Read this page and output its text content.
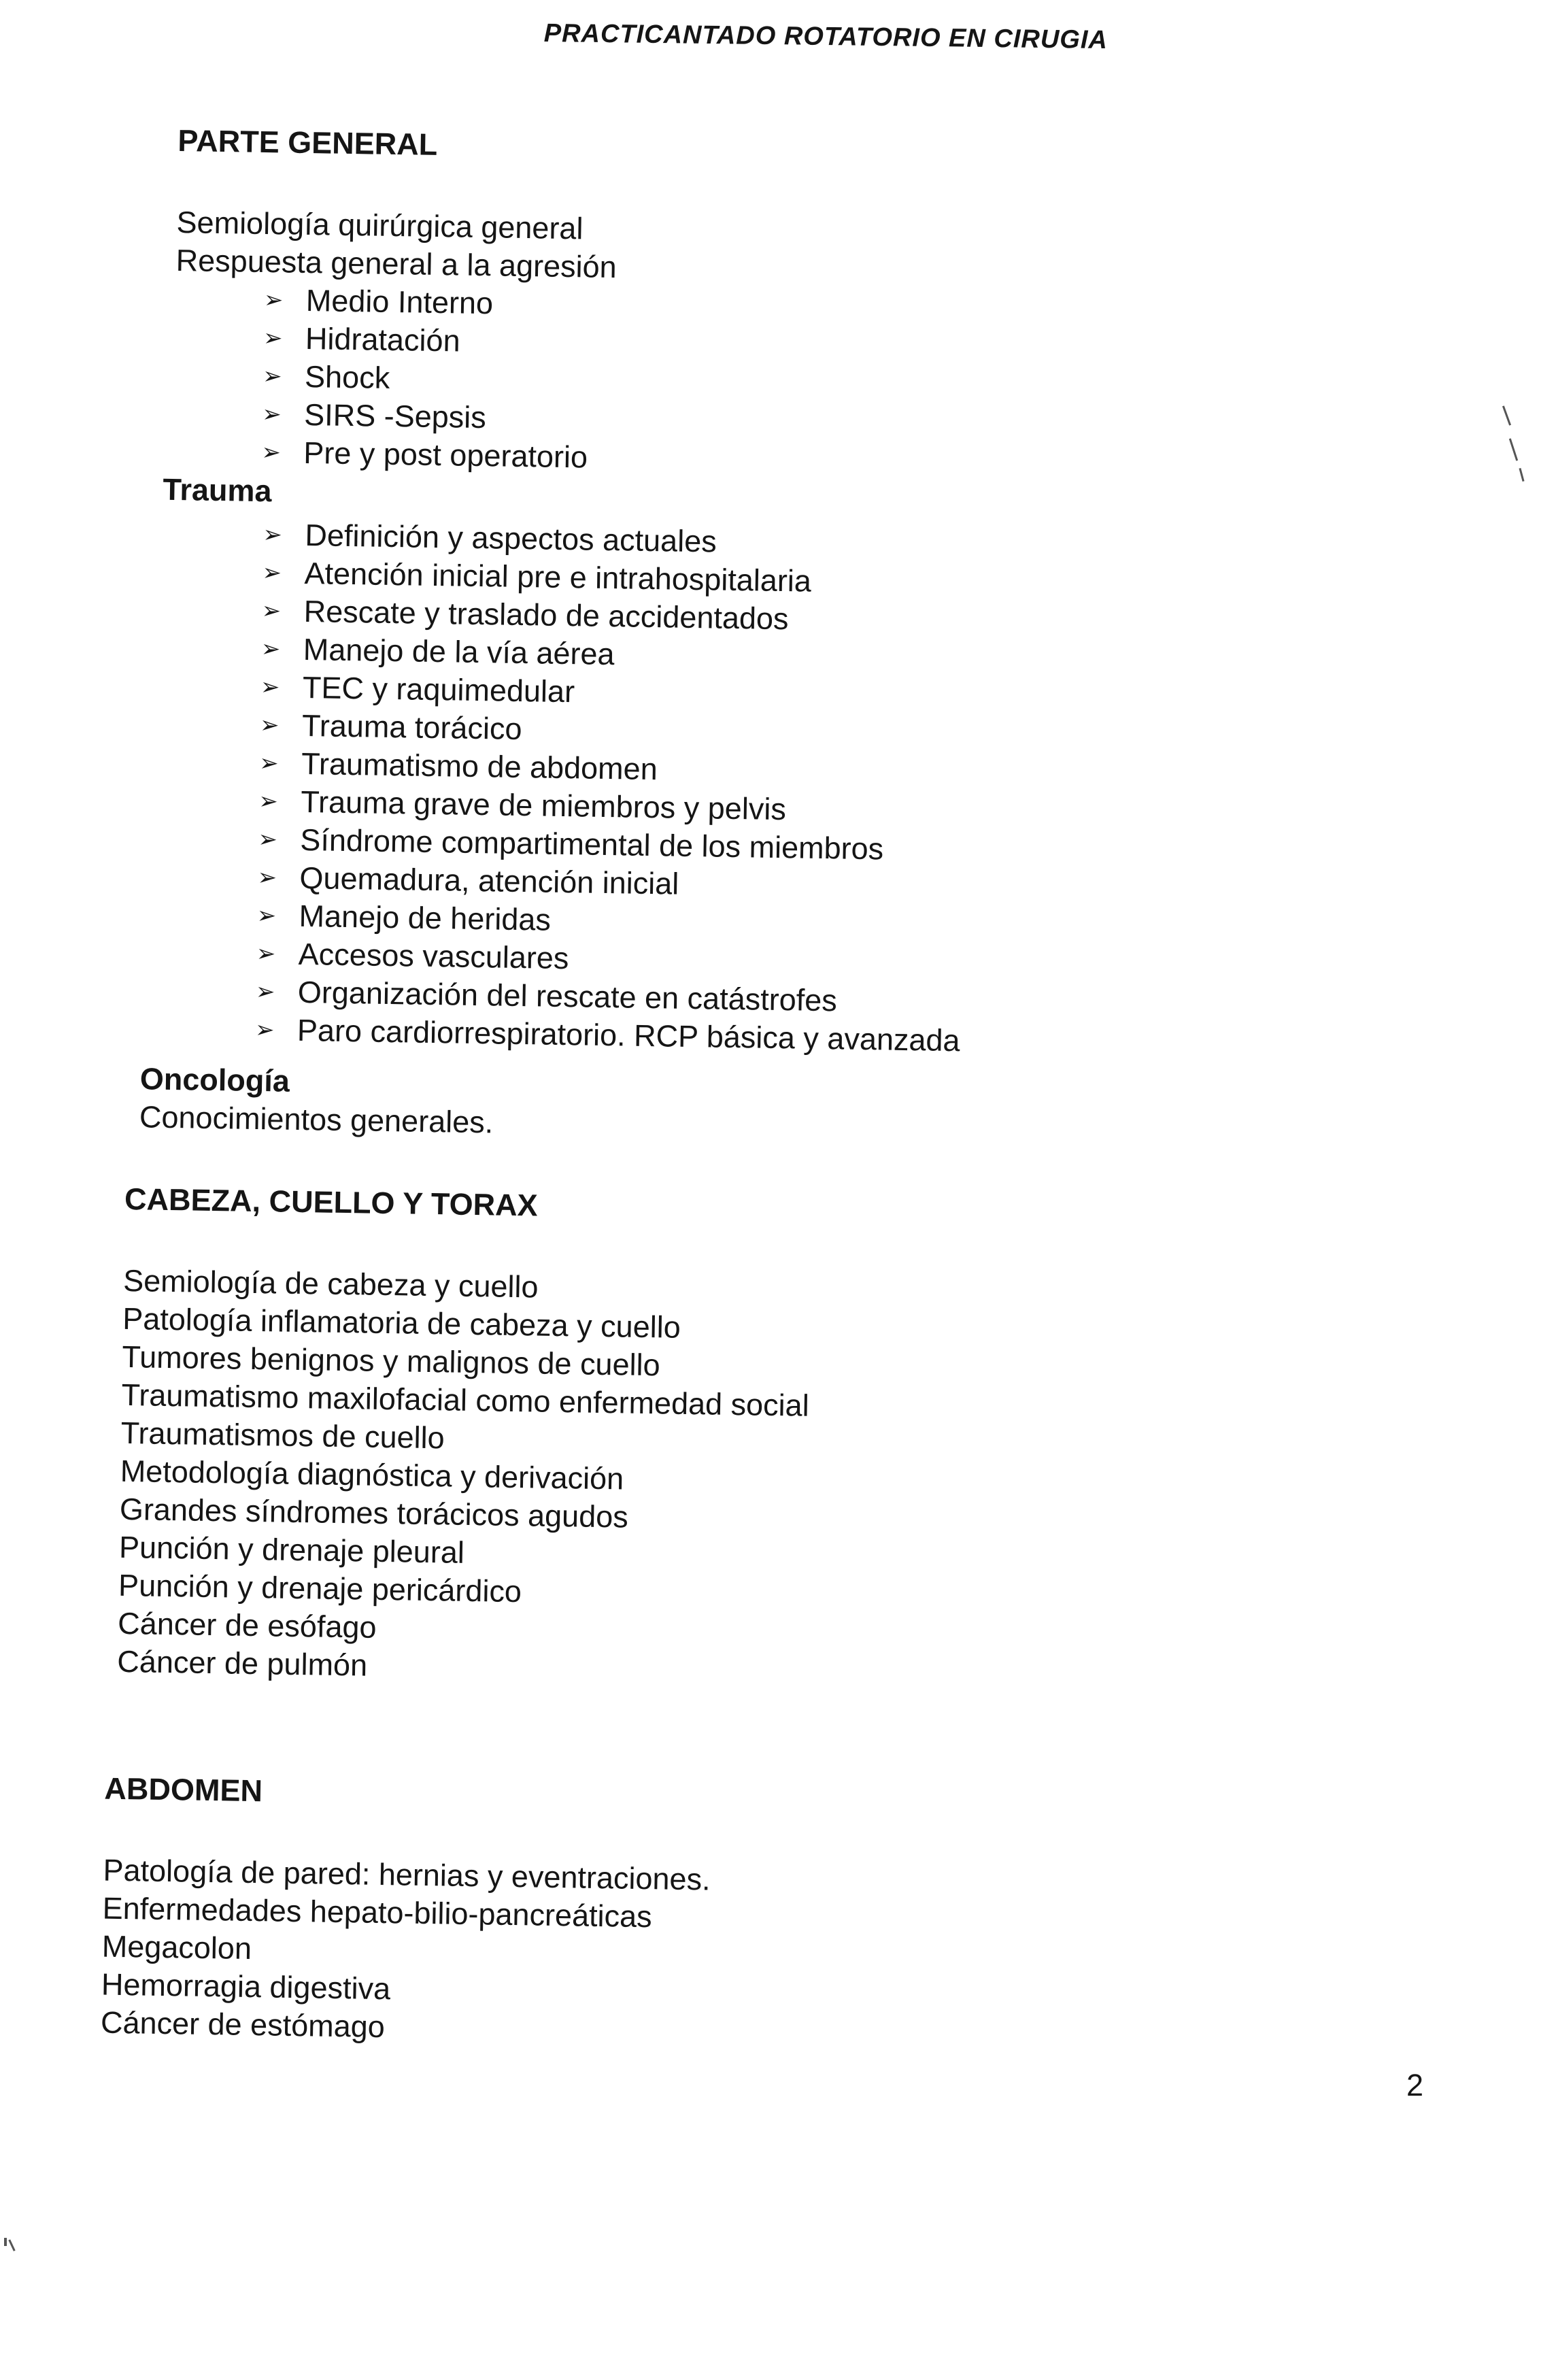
PRACTICANTADO ROTATORIO EN CIRUGIA
PARTE GENERAL

Semiología quirúrgica general

Respuesta general a la agresión

➢ Medio Interno
➢ Hidratación
➢ Shock
➢ SIRS -Sepsis
➢ Pre y post operatorio
Trauma
➢ Definición y aspectos actuales
➢ Atención inicial pre e intrahospitalaria
➢ Rescate y traslado de accidentados
➢ Manejo de la vía aérea
➢ TEC y raquimedular
➢ Trauma torácico
➢ Traumatismo de abdomen
➢ Trauma grave de miembros y pelvis
➢ Síndrome compartimental de los miembros
➢ Quemadura, atención inicial
➢ Manejo de heridas
➢ Accesos vasculares
➢ Organización del rescate en catástrofes
➢ Paro cardiorrespiratorio. RCP básica y avanzada
Oncología

Conocimientos generales.

CABEZA, CUELLO Y TORAX

Semiología de cabeza y cuello

Patología inflamatoria de cabeza y cuello

Tumores benignos y malignos de cuello

Traumatismo maxilofacial como enfermedad social

Traumatismos de cuello

Metodología diagnóstica y derivación

Grandes síndromes torácicos agudos

Punción y drenaje pleural

Punción y drenaje pericárdico

Cáncer de esófago

Cáncer de pulmón

ABDOMEN

Patología de pared: hernias y eventraciones.

Enfermedades hepato-bilio-pancreáticas

Megacolon

Hemorragia digestiva

Cáncer de estómago

2
